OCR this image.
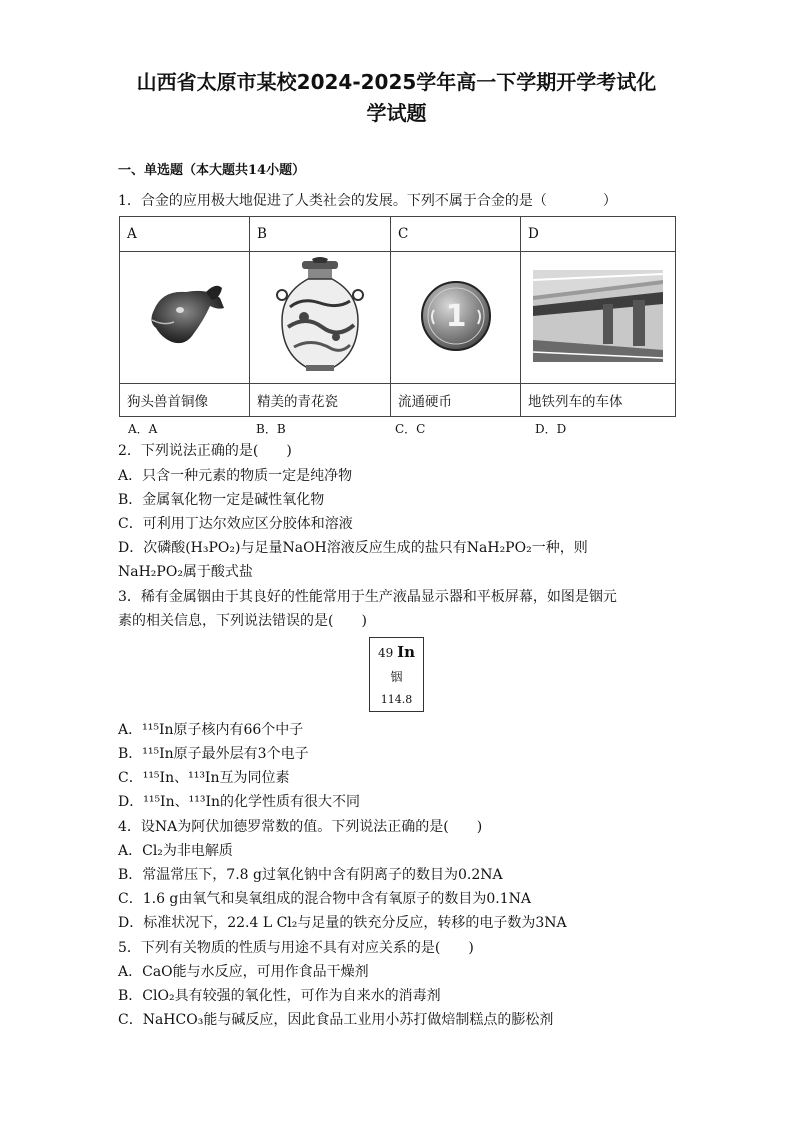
山西省太原市某校2024-2025学年高一下学期开学考试化
学试题
一、单选题（本大题共14小题）
1．合金的应用极大地促进了人类社会的发展。下列不属于合金的是（　　　　）
A	B	C	D

1

狗头兽首铜像	精美的青花瓷	流通硬币	地铁列车的车体
A．A	B．B	C．C	D．D
2．下列说法正确的是(　　)
A．只含一种元素的物质一定是纯净物
B．金属氧化物一定是碱性氧化物
C．可利用丁达尔效应区分胶体和溶液
D．次磷酸(H₃PO₂)与足量NaOH溶液反应生成的盐只有NaH₂PO₂一种，则
NaH₂PO₂属于酸式盐
3．稀有金属铟由于其良好的性能常用于生产液晶显示器和平板屏幕，如图是铟元
素的相关信息，下列说法错误的是(　　)
49 In
铟
114.8
A．¹¹⁵In原子核内有66个中子
B．¹¹⁵In原子最外层有3个电子
C．¹¹⁵In、¹¹³In互为同位素
D．¹¹⁵In、¹¹³In的化学性质有很大不同
4．设NA为阿伏加德罗常数的值。下列说法正确的是(　　)
A．Cl₂为非电解质
B．常温常压下，7.8 g过氧化钠中含有阴离子的数目为0.2NA
C．1.6 g由氧气和臭氧组成的混合物中含有氧原子的数目为0.1NA
D．标准状况下，22.4 L Cl₂与足量的铁充分反应，转移的电子数为3NA
5．下列有关物质的性质与用途不具有对应关系的是(　　)
A．CaO能与水反应，可用作食品干燥剂
B．ClO₂具有较强的氧化性，可作为自来水的消毒剂
C．NaHCO₃能与碱反应，因此食品工业用小苏打做焙制糕点的膨松剂
